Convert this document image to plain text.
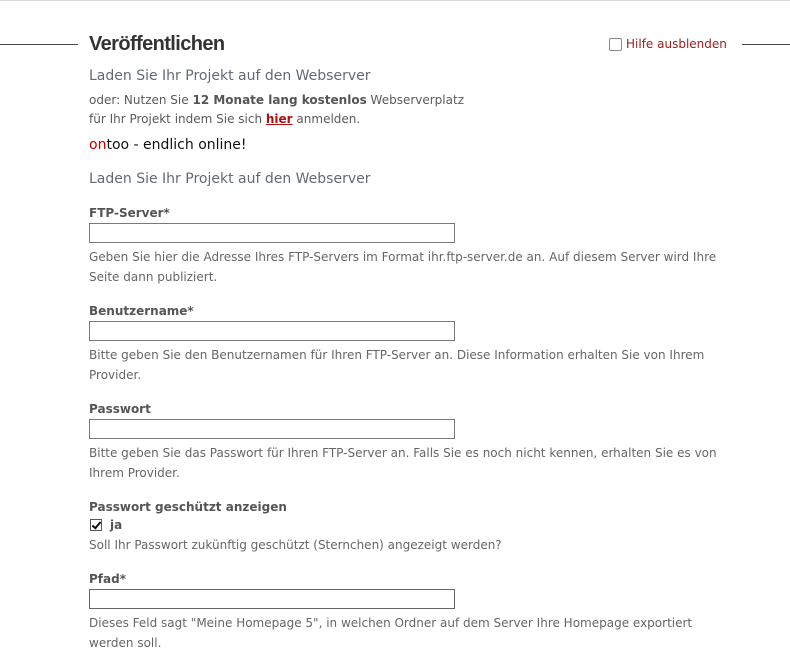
Veröffentlichen	Hilfe ausblenden
Laden Sie Ihr Projekt auf den Webserver
oder: Nutzen Sie 12 Monate lang kostenlos Webserverplatz
für Ihr Projekt indem Sie sich hier anmelden.
ontoo - endlich online!
Laden Sie Ihr Projekt auf den Webserver
FTP-Server*
Geben Sie hier die Adresse Ihres FTP-Servers im Format ihr.ftp-server.de an. Auf diesem Server wird Ihre Seite dann publiziert.
Benutzername*
Bitte geben Sie den Benutzernamen für Ihren FTP-Server an. Diese Information erhalten Sie von Ihrem Provider.
Passwort
Bitte geben Sie das Passwort für Ihren FTP-Server an. Falls Sie es noch nicht kennen, erhalten Sie es von Ihrem Provider.
Passwort geschützt anzeigen
ja
Soll Ihr Passwort zukünftig geschützt (Sternchen) angezeigt werden?
Pfad*
Dieses Feld sagt "Meine Homepage 5", in welchen Ordner auf dem Server Ihre Homepage exportiert werden soll.
